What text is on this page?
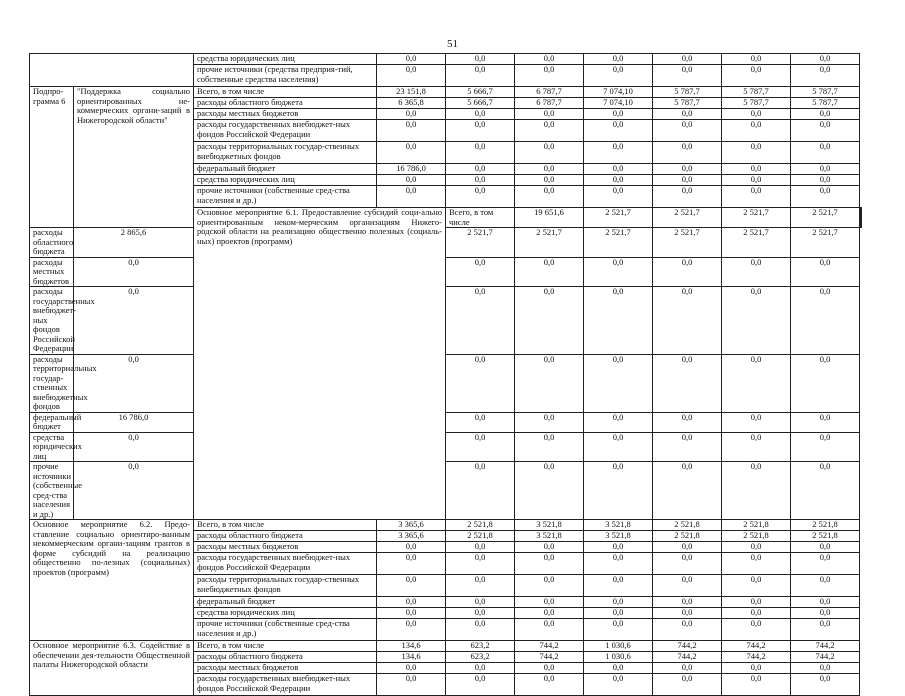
51
		средства юридических лиц	0,0	0,0	0,0	0,0	0,0	0,0	0,0	
		прочие источники (средства предприя-тий, собственные средства населения)	0,0	0,0	0,0	0,0	0,0	0,0	0,0	
Подпро-грамма 6	"Поддержка социально ориентированных не-коммерческих органи-заций в Нижегородской области"	Всего, в том числе	23 151,8	5 666,7	6 787,7	7 074,10	5 787,7	5 787,7	5 787,7	
		расходы областного бюджета	6 365,8	5 666,7	6 787,7	7 074,10	5 787,7	5 787,7	5 787,7	
		расходы местных бюджетов	0,0	0,0	0,0	0,0	0,0	0,0	0,0	
		расходы государственных внебюджет-ных фондов Российской Федерации	0,0	0,0	0,0	0,0	0,0	0,0	0,0	
		расходы территориальных государ-ственных внебюджетных фондов	0,0	0,0	0,0	0,0	0,0	0,0	0,0	
		федеральный бюджет	16 786,0	0,0	0,0	0,0	0,0	0,0	0,0	
		средства юридических лиц	0,0	0,0	0,0	0,0	0,0	0,0	0,0	
		прочие источники (собственные сред-ства населения и др.)	0,0	0,0	0,0	0,0	0,0	0,0	0,0	
		Основное мероприятие 6.1. Предоставление субсидий соци-ально ориентированным неком-мерческим организациям Нижего-родской области на реализацию общественно полезных (социаль-ных) проектов (программ)		Всего, в том числе	19 651,6	2 521,7	2 521,7	2 521,7	2 521,7		
расходы областного бюджета	2 865,6			2 521,7	2 521,7	2 521,7	2 521,7	2 521,7	2 521,7	
расходы местных бюджетов	0,0			0,0	0,0	0,0	0,0	0,0	0,0	
расходы государственных внебюджет-ных фондов Российской Федерации	0,0			0,0	0,0	0,0	0,0	0,0	0,0	
расходы территориальных государ-ственных внебюджетных фондов	0,0			0,0	0,0	0,0	0,0	0,0	0,0	
федеральный бюджет	16 786,0			0,0	0,0	0,0	0,0	0,0	0,0	
средства юридических лиц	0,0			0,0	0,0	0,0	0,0	0,0	0,0	
прочие источники (собственные сред-ства населения и др.)	0,0			0,0	0,0	0,0	0,0	0,0	0,0	
Основное мероприятие 6.2. Предо-ставление социально ориентиро-ванным некоммерческим органи-зациям грантов в форме субсидий на реализацию общественно по-лезных (социальных) проектов (программ)		Всего, в том числе	3 365,6	2 521,8	3 521,8	3 521,8	2 521,8	2 521,8	2 521,8	
		расходы областного бюджета	3 365,6	2 521,8	3 521,8	3 521,8	2 521,8	2 521,8	2 521,8	
		расходы местных бюджетов	0,0	0,0	0,0	0,0	0,0	0,0	0,0	
		расходы государственных внебюджет-ных фондов Российской Федерации	0,0	0,0	0,0	0,0	0,0	0,0	0,0	
		расходы территориальных государ-ственных внебюджетных фондов	0,0	0,0	0,0	0,0	0,0	0,0	0,0	
		федеральный бюджет	0,0	0,0	0,0	0,0	0,0	0,0	0,0	
		средства юридических лиц	0,0	0,0	0,0	0,0	0,0	0,0	0,0	
		прочие источники (собственные сред-ства населения и др.)	0,0	0,0	0,0	0,0	0,0	0,0	0,0	
Основное мероприятие 6.3. Содействие в обеспечении дея-тельности Общественной палаты Нижегородской области		Всего, в том числе	134,6	623,2	744,2	1 030,6	744,2	744,2	744,2	
		расходы областного бюджета	134,6	623,2	744,2	1 030,6	744,2	744,2	744,2	
		расходы местных бюджетов	0,0	0,0	0,0	0,0	0,0	0,0	0,0	
		расходы государственных внебюджет-ных фондов Российской Федерации	0,0	0,0	0,0	0,0	0,0	0,0	0,0	
